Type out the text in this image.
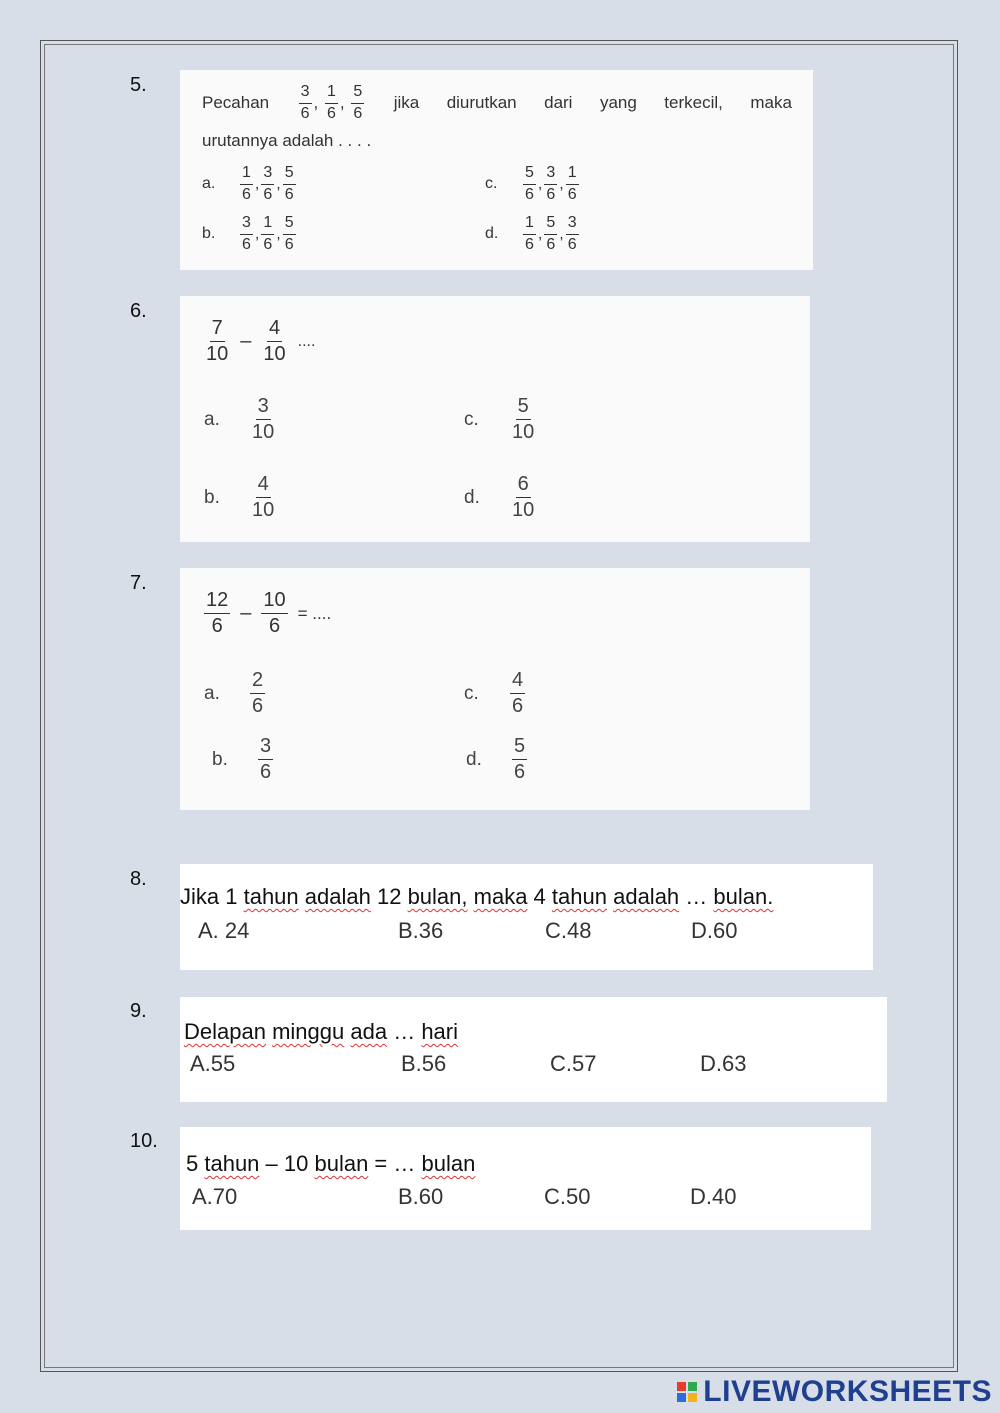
5.
Pecahan $\frac{3}{6}$ , $\frac{1}{6}$ , $\frac{5}{6}$ jika diurutkan dari yang terkecil, maka
urutannya adalah . . . .
a.	$\frac{1}{6}$ , $\frac{3}{6}$ , $\frac{5}{6}$
b.	$\frac{3}{6}$ , $\frac{1}{6}$ , $\frac{5}{6}$
c.	$\frac{5}{6}$ , $\frac{3}{6}$ , $\frac{1}{6}$
d.	$\frac{1}{6}$ , $\frac{5}{6}$ , $\frac{3}{6}$
6.
$\frac{7}{10} - \frac{4}{10}$ ....
a.	$\frac{3}{10}$
b.	$\frac{4}{10}$
c.	$\frac{5}{10}$
d.	$\frac{6}{10}$
7.
$\frac{12}{6} - \frac{10}{6}$ = ....
a.	$\frac{2}{6}$
b.	$\frac{3}{6}$
c.	$\frac{4}{6}$
d.	$\frac{5}{6}$
8.
Jika 1 tahun adalah 12 bulan, maka 4 tahun adalah … bulan.
A. 24	B.36	C.48	D.60
9.
Delapan minggu ada … hari
A.55	B.56	C.57	D.63
10.
5 tahun – 10 bulan = … bulan
A.70	B.60	C.50	D.40
LIVEWORKSHEETS
